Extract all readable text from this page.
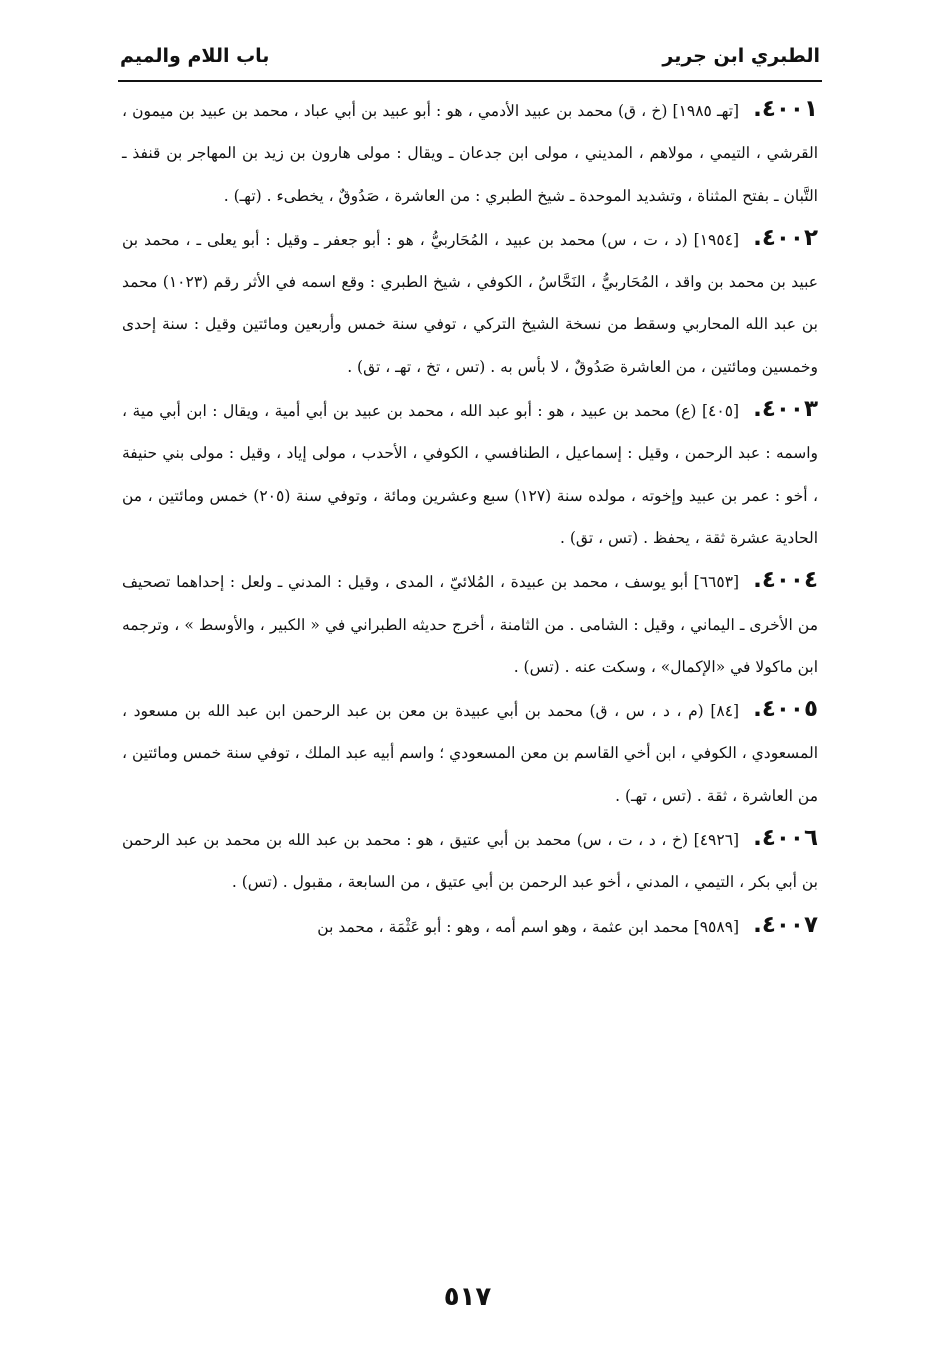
الطبري ابن جرير
باب اللام والميم

٤٠٠١.[تهـ ١٩٨٥] (خ ، ق) محمد بن عبيد الأدمي ، هو : أبو عبيد بن أبي عباد ، محمد بن عبيد بن ميمون ، القرشي ، التيمي ، مولاهم ، المديني ، مولى ابن جدعان ـ ويقال : مولى هارون بن زيد بن المهاجر بن قنفذ ـ التَّبان ـ بفتح المثناة ، وتشديد الموحدة ـ شيخ الطبري : من العاشرة ، صَدُوقٌ ، يخطىء . (تهـ) .

٤٠٠٢.[١٩٥٤] (د ، ت ، س) محمد بن عبيد ، المُحَاربيُّ ، هو : أبو جعفر ـ وقيل : أبو يعلى ـ ، محمد بن عبيد بن محمد بن واقد ، المُحَاربيُّ ، النَحَّاسُ ، الكوفي ، شيخ الطبري : وقع اسمه في الأثر رقم (١٠٢٣) محمد بن عبد الله المحاربي وسقط من نسخة الشيخ التركي ، توفي سنة خمس وأربعين ومائتين وقيل : سنة إحدى وخمسين ومائتين ، من العاشرة صَدُوقٌ ، لا بأس به . (تس ، تخ ، تهـ ، تق) .

٤٠٠٣.[٤٠٥] (ع) محمد بن عبيد ، هو : أبو عبد الله ، محمد بن عبيد بن أبي أمية ، ويقال : ابن أبي مية ، واسمه : عبد الرحمن ، وقيل : إسماعيل ، الطنافسي ، الكوفي ، الأحدب ، مولى إياد ، وقيل : مولى بني حنيفة ، أخو : عمر بن عبيد وإخوته ، مولده سنة (١٢٧) سبع وعشرين ومائة ، وتوفي سنة (٢٠٥) خمس ومائتين ، من الحادية عشرة ثقة ، يحفظ . (تس ، تق) .

٤٠٠٤.[٦٦٥٣] أبو يوسف ، محمد بن عبيدة ، المُلائيّ ، المدى ، وقيل : المدني ـ ولعل : إحداهما تصحيف من الأخرى ـ اليماني ، وقيل : الشامى . من الثامنة ، أخرج حديثه الطبراني في « الكبير ، والأوسط » ، وترجمه ابن ماكولا في «الإكمال» ، وسكت عنه . (تس) .

٤٠٠٥.[٨٤] (م ، د ، س ، ق) محمد بن أبي عبيدة بن معن بن عبد الرحمن ابن عبد الله بن مسعود ، المسعودي ، الكوفي ، ابن أخي القاسم بن معن المسعودي ؛ واسم أبيه عبد الملك ، توفي سنة خمس ومائتين ، من العاشرة ، ثقة . (تس ، تهـ) .

٤٠٠٦.[٤٩٢٦] (خ ، د ، ت ، س) محمد بن أبي عتيق ، هو : محمد بن عبد الله بن محمد بن عبد الرحمن بن أبي بكر ، التيمي ، المدني ، أخو عبد الرحمن بن أبي عتيق ، من السابعة ، مقبول . (تس) .

٤٠٠٧.[٩٥٨٩] محمد ابن عثمة ، وهو اسم أمه ، وهو : أبو عَثْمَة ، محمد بن

٥١٧
